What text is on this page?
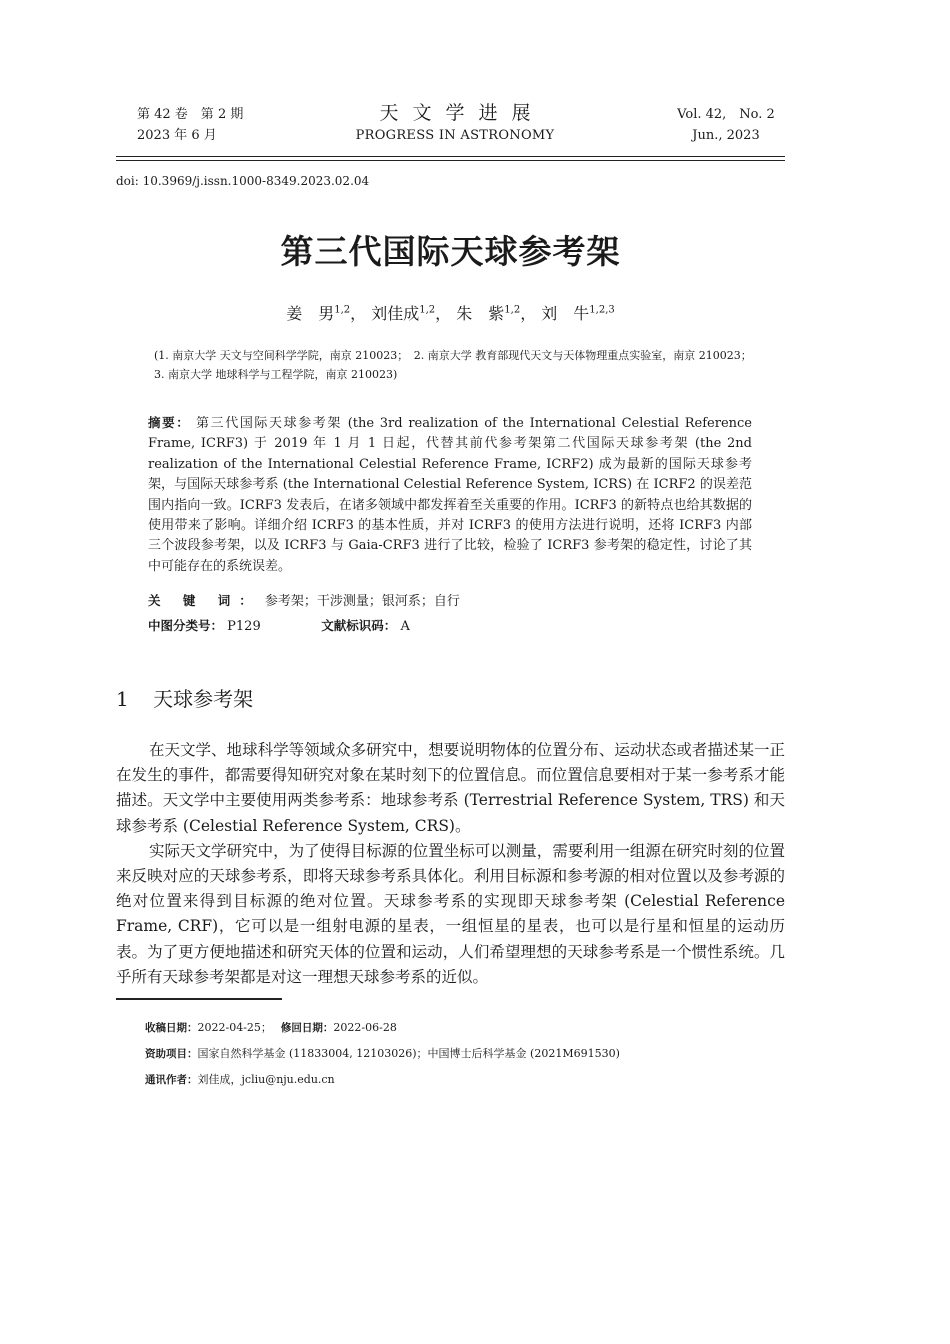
第 42 卷　第 2 期
2023 年 6 月
天文学进展
PROGRESS IN ASTRONOMY
Vol. 42,　No. 2
Jun., 2023
doi: 10.3969/j.issn.1000-8349.2023.02.04
第三代国际天球参考架
姜　男$^{1,2}$， 刘佳成$^{1,2}$， 朱　紫$^{1,2}$， 刘　牛$^{1,2,3}$
(1. 南京大学 天文与空间科学学院，南京 210023；　2. 南京大学 教育部现代天文与天体物理重点实验室，南京 210023；　3. 南京大学 地球科学与工程学院，南京 210023)
摘要： 第三代国际天球参考架 (the 3rd realization of the International Celestial Reference Frame, ICRF3) 于 2019 年 1 月 1 日起，代替其前代参考架第二代国际天球参考架 (the 2nd realization of the International Celestial Reference Frame, ICRF2) 成为最新的国际天球参考架，与国际天球参考系 (the International Celestial Reference System, ICRS) 在 ICRF2 的误差范围内指向一致。ICRF3 发表后，在诸多领域中都发挥着至关重要的作用。ICRF3 的新特点也给其数据的使用带来了影响。详细介绍 ICRF3 的基本性质，并对 ICRF3 的使用方法进行说明，还将 ICRF3 内部三个波段参考架，以及 ICRF3 与 Gaia-CRF3 进行了比较，检验了 ICRF3 参考架的稳定性，讨论了其中可能存在的系统误差。
关 键 词： 参考架；干涉测量；银河系；自行
中图分类号： P129	文献标识码： A
1 天球参考架

在天文学、地球科学等领域众多研究中，想要说明物体的位置分布、运动状态或者描述某一正在发生的事件，都需要得知研究对象在某时刻下的位置信息。而位置信息要相对于某一参考系才能描述。天文学中主要使用两类参考系：地球参考系 (Terrestrial Reference System, TRS) 和天球参考系 (Celestial Reference System, CRS)。

实际天文学研究中，为了使得目标源的位置坐标可以测量，需要利用一组源在研究时刻的位置来反映对应的天球参考系，即将天球参考系具体化。利用目标源和参考源的相对位置以及参考源的绝对位置来得到目标源的绝对位置。天球参考系的实现即天球参考架 (Celestial Reference Frame, CRF)，它可以是一组射电源的星表，一组恒星的星表，也可以是行星和恒星的运动历表。为了更方便地描述和研究天体的位置和运动，人们希望理想的天球参考系是一个惯性系统。几乎所有天球参考架都是对这一理想天球参考系的近似。

收稿日期：2022-04-25；　 修回日期：2022-06-28
资助项目：国家自然科学基金 (11833004, 12103026)；中国博士后科学基金 (2021M691530)
通讯作者：刘佳成，jcliu@nju.edu.cn
